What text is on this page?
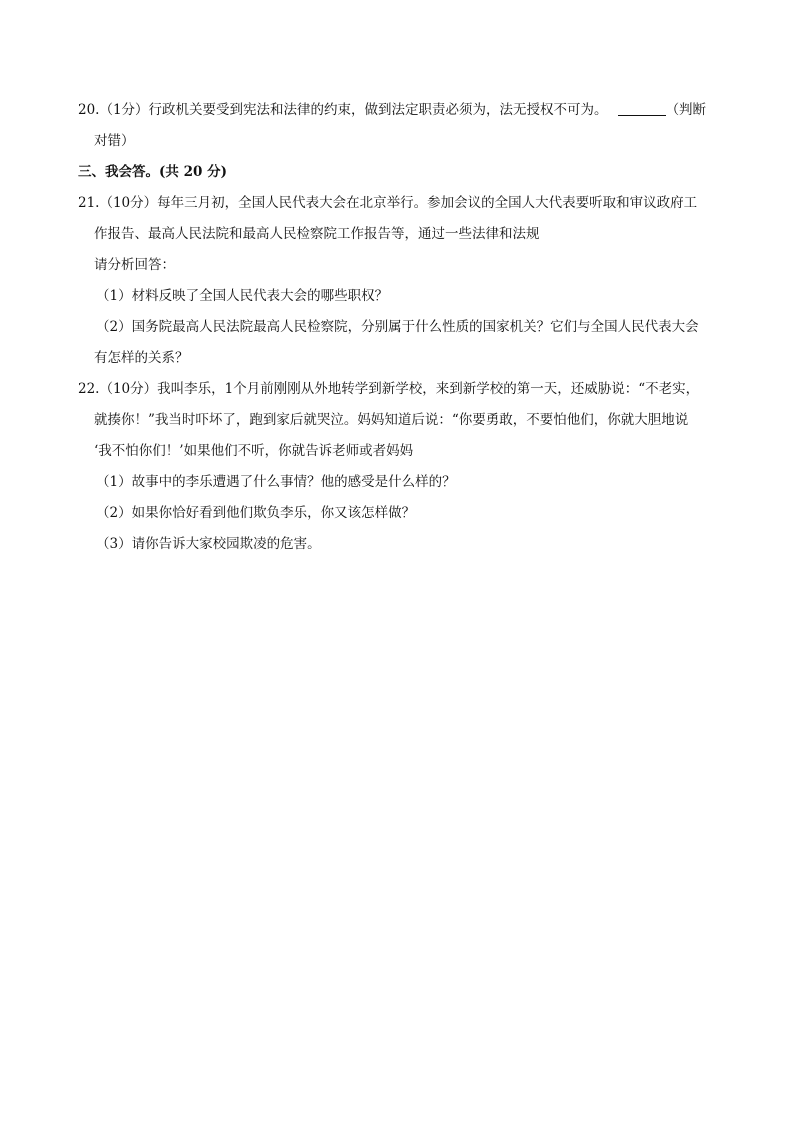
20.（1分）行政机关要受到宪法和法律的约束，做到法定职责必须为，法无授权不可为。	（判断
对错）
三、我会答。(共 20 分)
21.（10分）每年三月初，全国人民代表大会在北京举行。参加会议的全国人大代表要听取和审议政府工
作报告、最高人民法院和最高人民检察院工作报告等，通过一些法律和法规
请分析回答：
（1）材料反映了全国人民代表大会的哪些职权？
（2）国务院最高人民法院最高人民检察院，分别属于什么性质的国家机关？它们与全国人民代表大会
有怎样的关系？
22.（10分）我叫李乐，1个月前刚刚从外地转学到新学校，来到新学校的第一天，还威胁说：“不老实，
就揍你！”我当时吓坏了，跑到家后就哭泣。妈妈知道后说：“你要勇敢，不要怕他们，你就大胆地说
‘我不怕你们！’如果他们不听，你就告诉老师或者妈妈
（1）故事中的李乐遭遇了什么事情？他的感受是什么样的？
（2）如果你恰好看到他们欺负李乐，你又该怎样做？
（3）请你告诉大家校园欺凌的危害。
